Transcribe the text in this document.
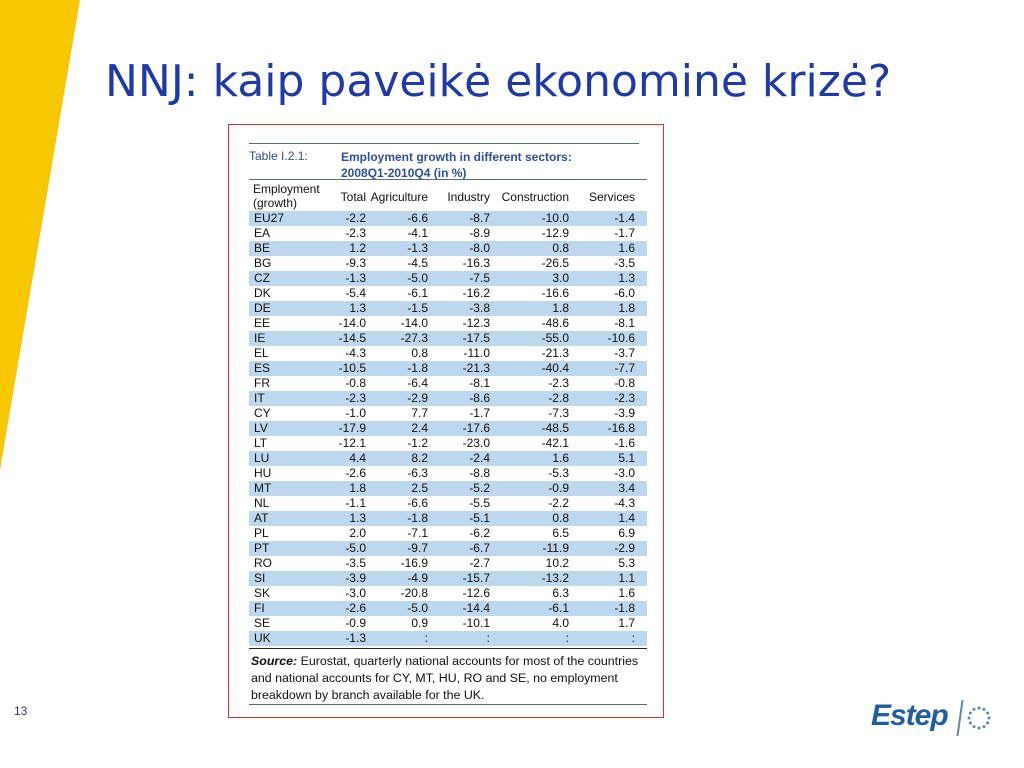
NNJ: kaip paveikė ekonominė krizė?
Table I.2.1:	Employment growth in different sectors:
2008Q1-2010Q4 (in %)
Employment
(growth)	Total Agriculture Industry Construction Services
EU27	-2.2	-6.6	-8.7	-10.0	-1.4
EA	-2.3	-4.1	-8.9	-12.9	-1.7
BE	1.2	-1.3	-8.0	0.8	1.6
BG	-9.3	-4.5	-16.3	-26.5	-3.5
CZ	-1.3	-5.0	-7.5	3.0	1.3
DK	-5.4	-6.1	-16.2	-16.6	-6.0
DE	1.3	-1.5	-3.8	1.8	1.8
EE	-14.0	-14.0	-12.3	-48.6	-8.1
IE	-14.5	-27.3	-17.5	-55.0	-10.6
EL	-4.3	0.8	-11.0	-21.3	-3.7
ES	-10.5	-1.8	-21.3	-40.4	-7.7
FR	-0.8	-6.4	-8.1	-2.3	-0.8
IT	-2.3	-2.9	-8.6	-2.8	-2.3
CY	-1.0	7.7	-1.7	-7.3	-3.9
LV	-17.9	2.4	-17.6	-48.5	-16.8
LT	-12.1	-1.2	-23.0	-42.1	-1.6
LU	4.4	8.2	-2.4	1.6	5.1
HU	-2.6	-6.3	-8.8	-5.3	-3.0
MT	1.8	2.5	-5.2	-0.9	3.4
NL	-1.1	-6.6	-5.5	-2.2	-4.3
AT	1.3	-1.8	-5.1	0.8	1.4
PL	2.0	-7.1	-6.2	6.5	6.9
PT	-5.0	-9.7	-6.7	-11.9	-2.9
RO	-3.5	-16.9	-2.7	10.2	5.3
SI	-3.9	-4.9	-15.7	-13.2	1.1
SK	-3.0	-20.8	-12.6	6.3	1.6
FI	-2.6	-5.0	-14.4	-6.1	-1.8
SE	-0.9	0.9	-10.1	4.0	1.7
UK	-1.3	:	:	:	:
Source: Eurostat, quarterly national accounts for most of the countries and national accounts for CY, MT, HU, RO and SE, no employment breakdown by branch available for the UK.
13	Estep
